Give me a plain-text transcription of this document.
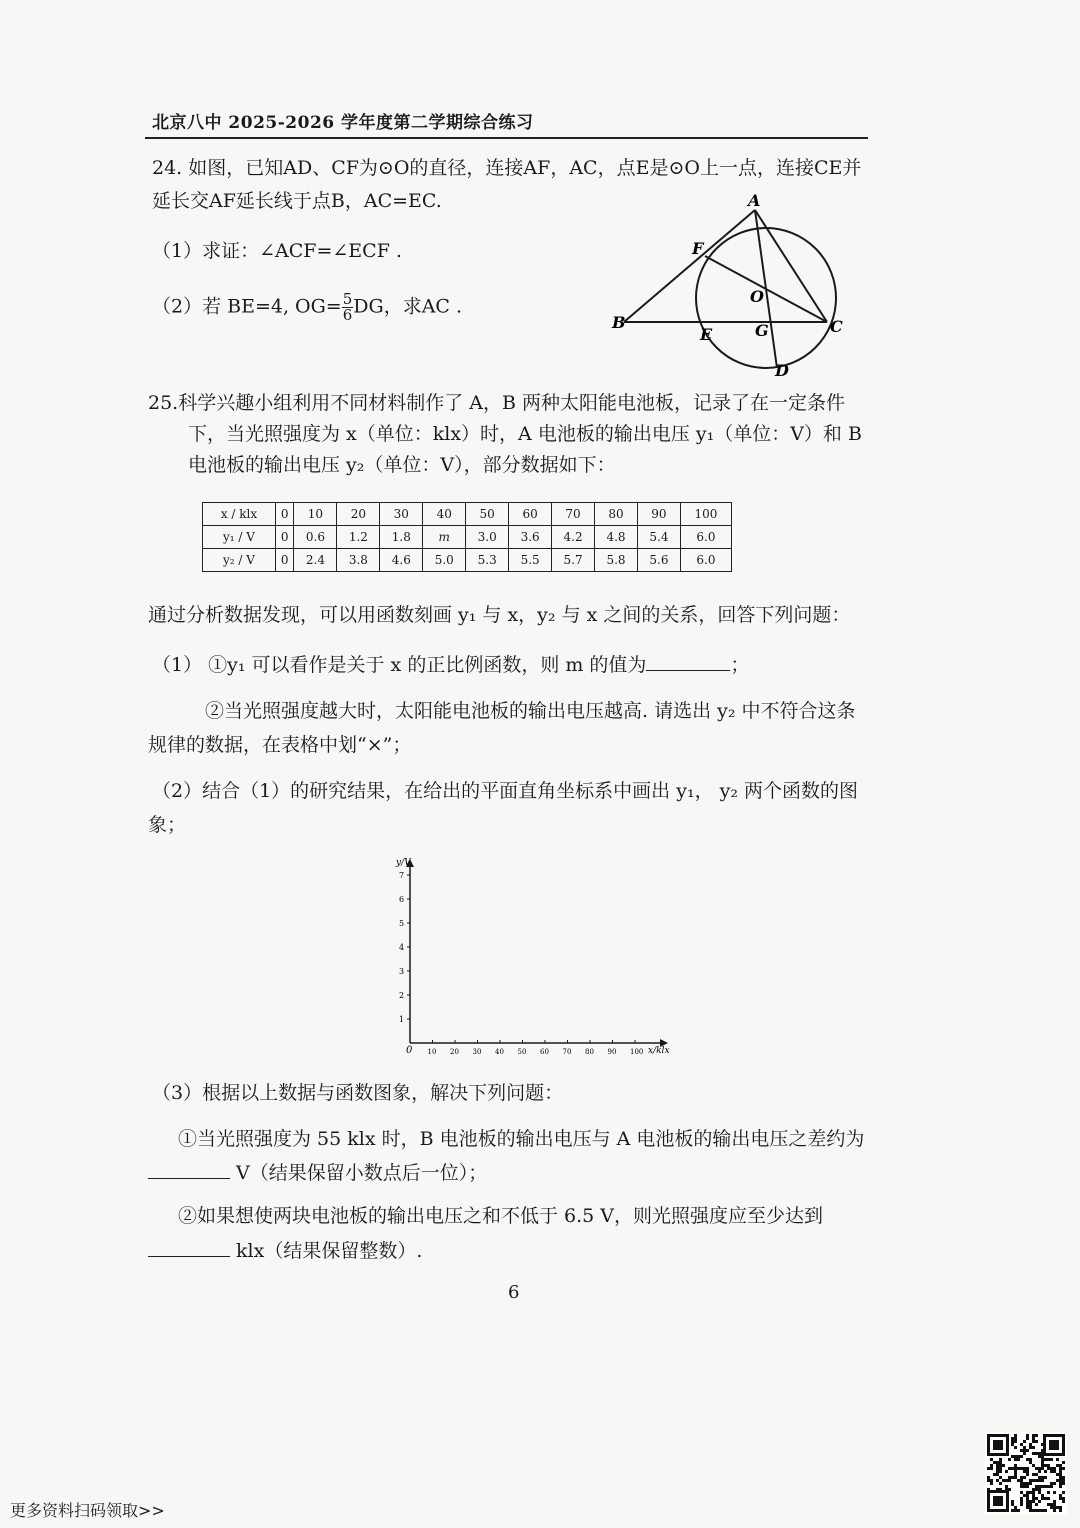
北京八中 2025-2026 学年度第二学期综合练习
24. 如图，已知AD、CF为⊙O的直径，连接AF，AC，点E是⊙O上一点，连接CE并
延长交AF延长线于点B，AC=EC.
（1）求证：∠ACF=∠ECF .
（2）若 BE=4, $OG= \frac{5}{6}$ DG，求AC .
A
F
O
B
E	G	C
D
25.科学兴趣小组利用不同材料制作了 A，B 两种太阳能电池板，记录了在一定条件
下，当光照强度为 x（单位：klx）时，A 电池板的输出电压 y₁（单位：V）和 B
电池板的输出电压 y₂（单位：V），部分数据如下：
x / klx	0	10	20	30	40	50	60	70	80	90	100
y₁ / V	0	0.6	1.2	1.8	m	3.0	3.6	4.2	4.8	5.4	6.0
y₂ / V	0	2.4	3.8	4.6	5.0	5.3	5.5	5.7	5.8	5.6	6.0
通过分析数据发现，可以用函数刻画 y₁ 与 x，y₂ 与 x 之间的关系，回答下列问题：
（1） ①y₁ 可以看作是关于 x 的正比例函数，则 m 的值为	；
②当光照强度越大时，太阳能电池板的输出电压越高. 请选出 y₂ 中不符合这条
规律的数据，在表格中划“×”；
（2）结合（1）的研究结果，在给出的平面直角坐标系中画出 y₁， y₂ 两个函数的图
象；
y/V
x/klx
0
1
2
3
4
5
6
7
10 20 30 40 50 60 70 80 90 100
（3）根据以上数据与函数图象，解决下列问题：
①当光照强度为 55 klx 时，B 电池板的输出电压与 A 电池板的输出电压之差约为
V（结果保留小数点后一位）；
②如果想使两块电池板的输出电压之和不低于 6.5 V，则光照强度应至少达到
klx（结果保留整数）.
6
更多资料扫码领取>>
